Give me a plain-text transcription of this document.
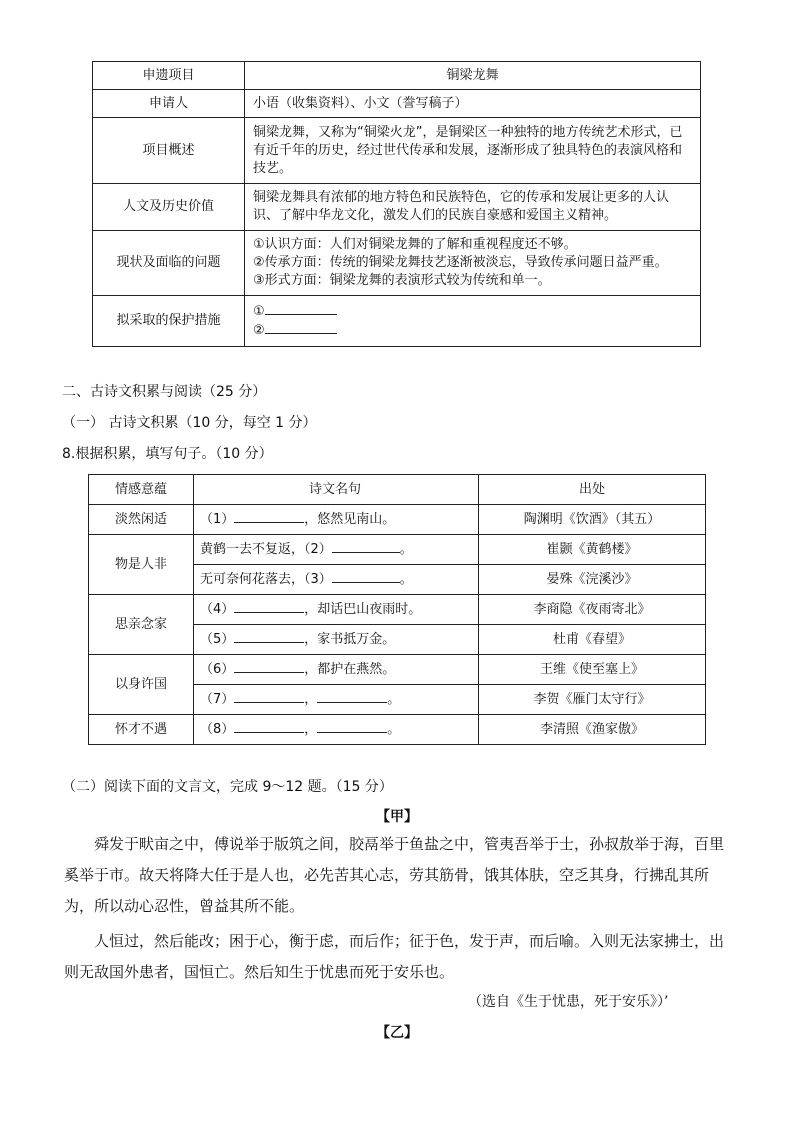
申遗项目	铜梁龙舞
申请人	小语（收集资料）、小文（誊写稿子）
项目概述	铜梁龙舞，又称为“铜梁火龙”，是铜梁区一种独特的地方传统艺术形式，已有近千年的历史，经过世代传承和发展，逐渐形成了独具特色的表演风格和技艺。
人文及历史价值	铜梁龙舞具有浓郁的地方特色和民族特色，它的传承和发展让更多的人认识、了解中华龙文化，激发人们的民族自豪感和爱国主义精神。
现状及面临的问题	①认识方面：人们对铜梁龙舞的了解和重视程度还不够。
②传承方面：传统的铜梁龙舞技艺逐渐被淡忘，导致传承问题日益严重。
③形式方面：铜梁龙舞的表演形式较为传统和单一。

拟采取的保护措施	①
②
二、古诗文积累与阅读（25 分）
（一） 古诗文积累（10 分，每空 1 分）
8.根据积累，填写句子。（10 分）
情感意蕴	诗文名句	出处
淡然闲适	（1） ，悠然见南山。	陶渊明《饮酒》（其五）
物是人非	黄鹤一去不复返，（2） 。	崔颢《黄鹤楼》
	无可奈何花落去，（3） 。	晏殊《浣溪沙》
思亲念家	（4） ，却话巴山夜雨时。	李商隐《夜雨寄北》
	（5） ，家书抵万金。	杜甫《春望》
以身许国	（6） ，都护在燕然。	王维《使至塞上》
	（7） ， 。	李贺《雁门太守行》
怀才不遇	（8） ， 。	李清照《渔家傲》
（二）阅读下面的文言文，完成 9～12 题。（15 分）
【甲】
舜发于畎亩之中，傅说举于版筑之间，胶鬲举于鱼盐之中，管夷吾举于士，孙叔敖举于海，百里奚举于市。故天将降大任于是人也，必先苦其心志，劳其筋骨，饿其体肤，空乏其身，行拂乱其所为，所以动心忍性，曾益其所不能。
人恒过，然后能改；困于心，衡于虑，而后作；征于色，发于声，而后喻。入则无法家拂士，出则无敌国外患者，国恒亡。然后知生于忧患而死于安乐也。
（选自《生于忧患，死于安乐》）’
【乙】
